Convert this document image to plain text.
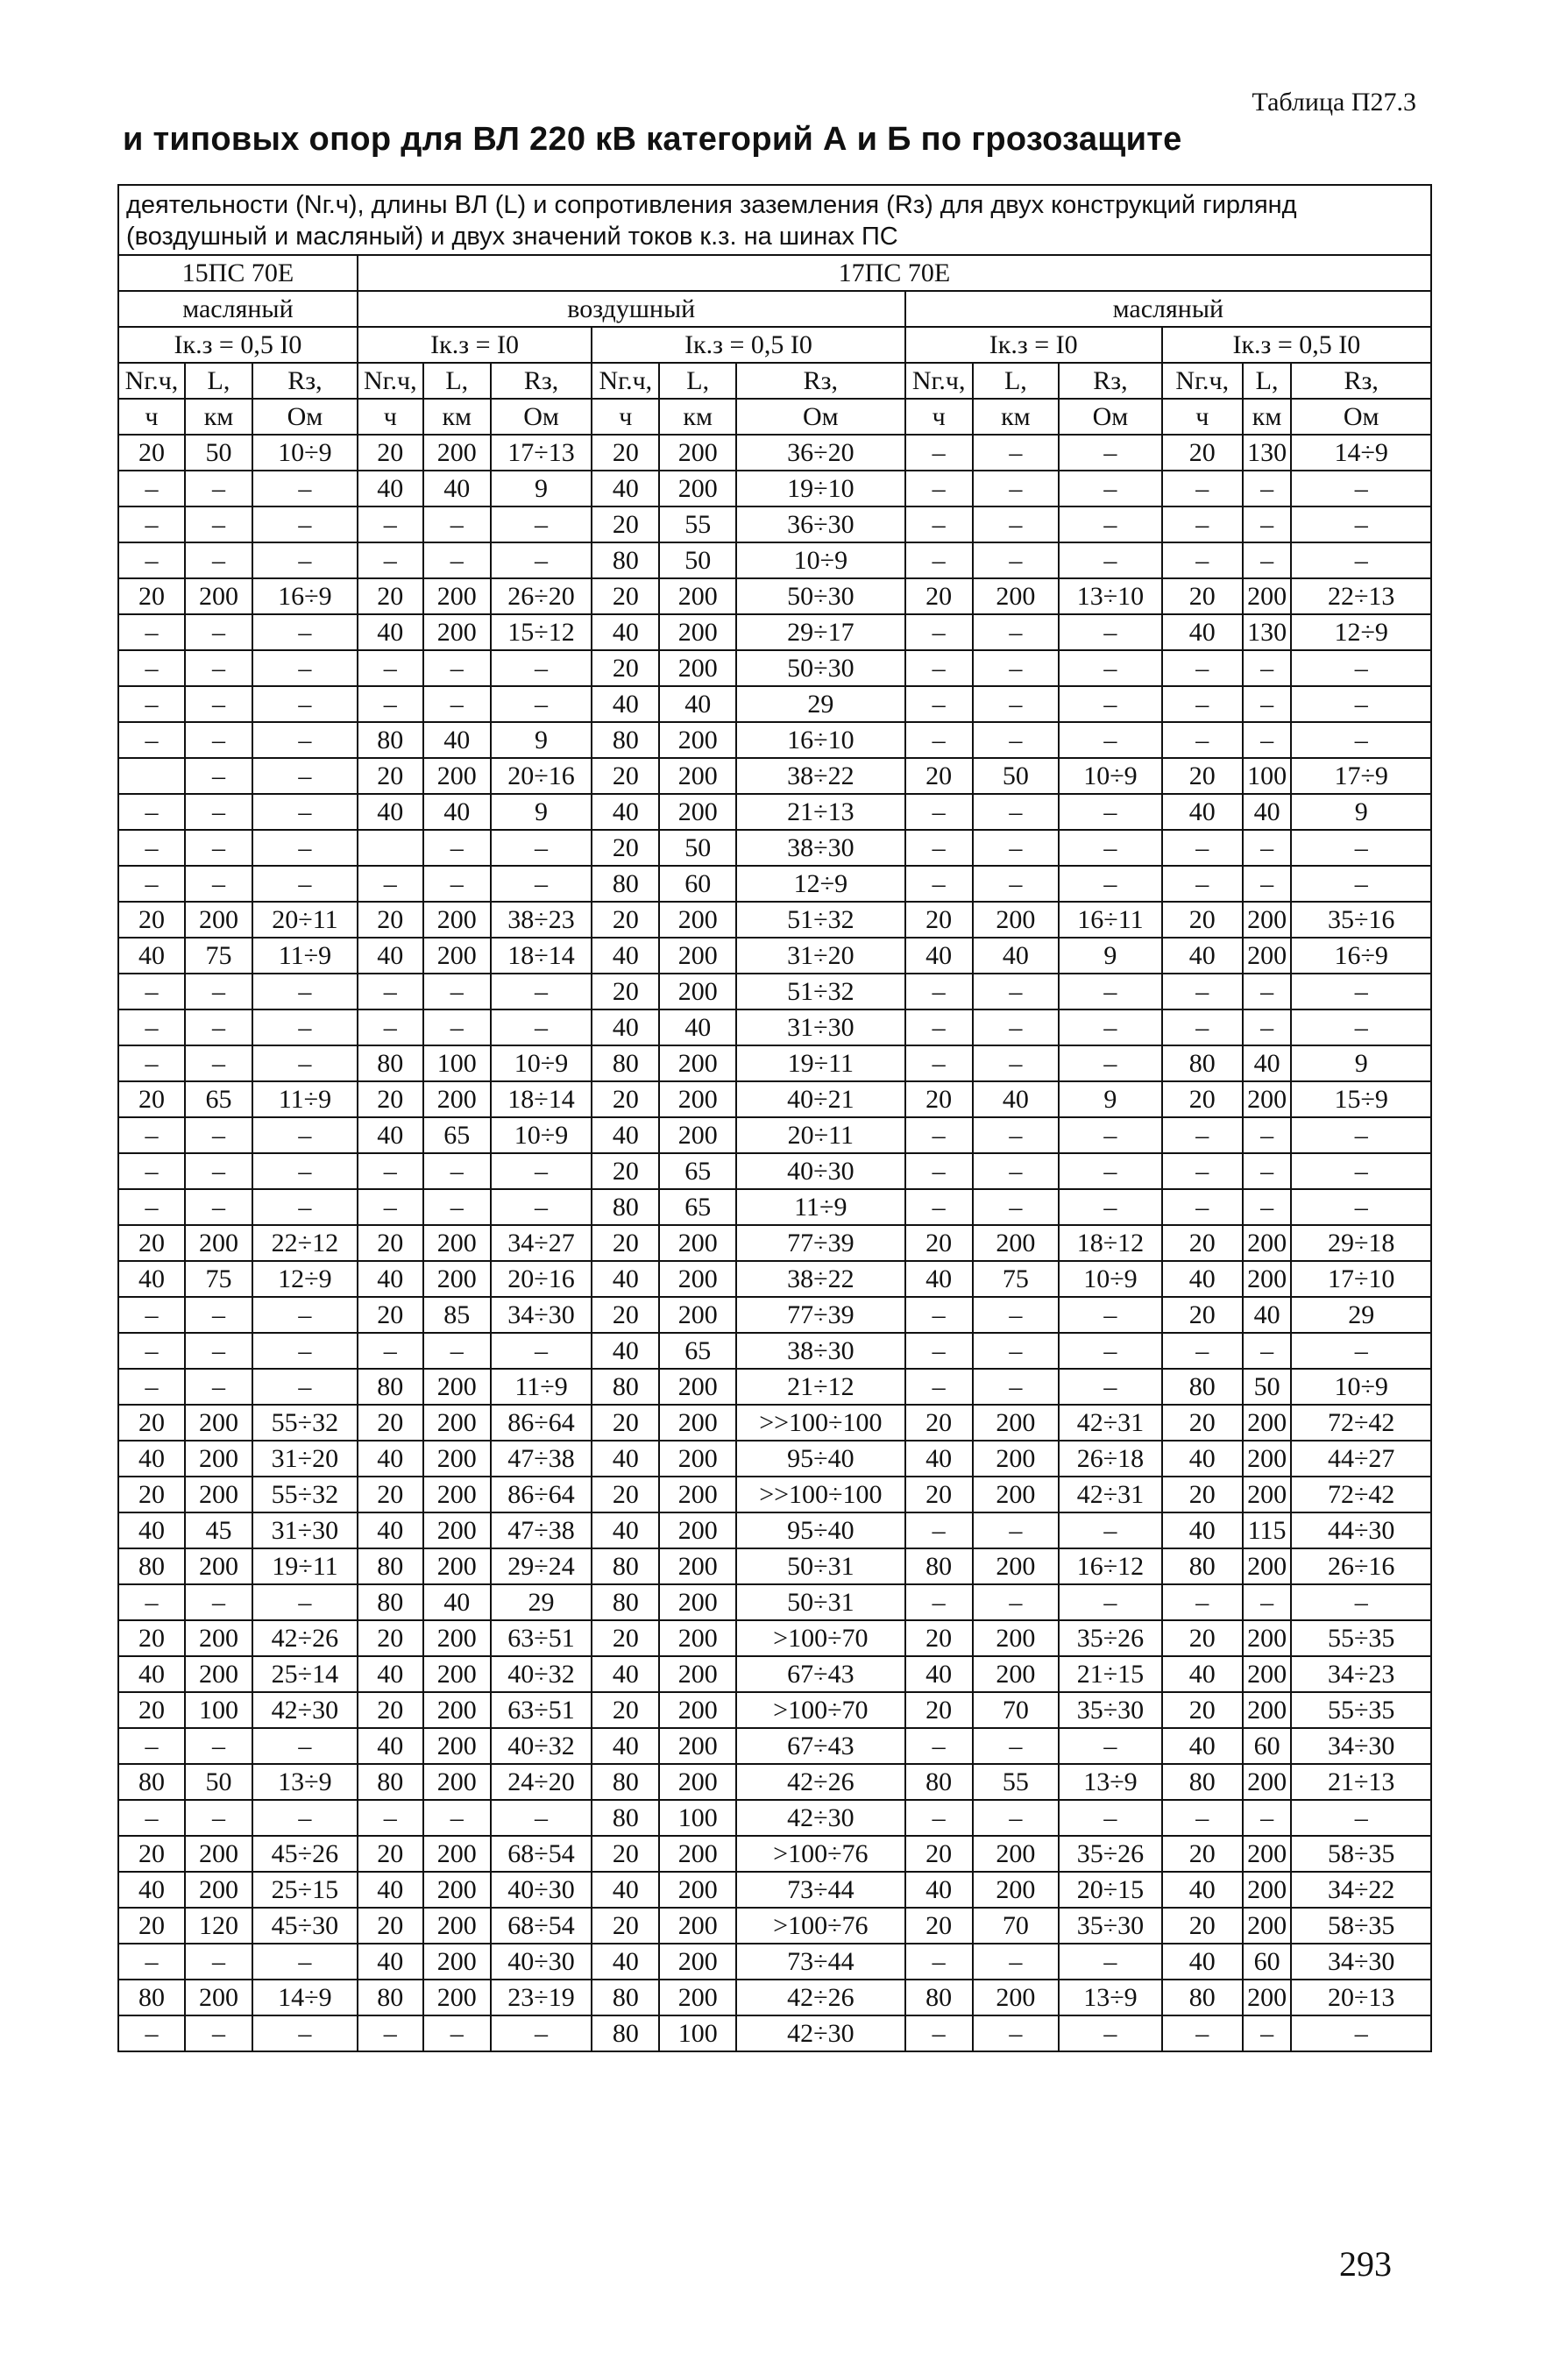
Таблица П27.3
и типовых опор для ВЛ 220 кВ категорий А и Б по грозозащите
деятельности (Nг.ч), длины ВЛ (L) и сопротивления заземления (Rз) для двух конструкций гирлянд
(воздушный и масляный) и двух значений токов к.з. на шинах ПС
15ПС 70Е			17ПС 70Е											
масляный			воздушный						масляный					
Iк.з = 0,5 I0			Iк.з = I0			Iк.з = 0,5 I0			Iк.з = I0			Iк.з = 0,5 I0		
Nг.ч,	L,	Rз,	Nг.ч,	L,	Rз,	Nг.ч,	L,	Rз,	Nг.ч,	L,	Rз,	Nг.ч,	L,	Rз,
ч	км	Ом	ч	км	Ом	ч	км	Ом	ч	км	Ом	ч	км	Ом
20	50	10÷9	20	200	17÷13	20	200	36÷20	–	–	–	20	130	14÷9
–	–	–	40	40	9	40	200	19÷10	–	–	–	–	–	–
–	–	–	–	–	–	20	55	36÷30	–	–	–	–	–	–
–	–	–	–	–	–	80	50	10÷9	–	–	–	–	–	–
20	200	16÷9	20	200	26÷20	20	200	50÷30	20	200	13÷10	20	200	22÷13
–	–	–	40	200	15÷12	40	200	29÷17	–	–	–	40	130	12÷9
–	–	–	–	–	–	20	200	50÷30	–	–	–	–	–	–
–	–	–	–	–	–	40	40	29	–	–	–	–	–	–
–	–	–	80	40	9	80	200	16÷10	–	–	–	–	–	–
	–	–	20	200	20÷16	20	200	38÷22	20	50	10÷9	20	100	17÷9
–	–	–	40	40	9	40	200	21÷13	–	–	–	40	40	9
–	–	–		–	–	20	50	38÷30	–	–	–	–	–	–
–	–	–	–	–	–	80	60	12÷9	–	–	–	–	–	–
20	200	20÷11	20	200	38÷23	20	200	51÷32	20	200	16÷11	20	200	35÷16
40	75	11÷9	40	200	18÷14	40	200	31÷20	40	40	9	40	200	16÷9
–	–	–	–	–	–	20	200	51÷32	–	–	–	–	–	–
–	–	–	–	–	–	40	40	31÷30	–	–	–	–	–	–
–	–	–	80	100	10÷9	80	200	19÷11	–	–	–	80	40	9
20	65	11÷9	20	200	18÷14	20	200	40÷21	20	40	9	20	200	15÷9
–	–	–	40	65	10÷9	40	200	20÷11	–	–	–	–	–	–
–	–	–	–	–	–	20	65	40÷30	–	–	–	–	–	–
–	–	–	–	–	–	80	65	11÷9	–	–	–	–	–	–
20	200	22÷12	20	200	34÷27	20	200	77÷39	20	200	18÷12	20	200	29÷18
40	75	12÷9	40	200	20÷16	40	200	38÷22	40	75	10÷9	40	200	17÷10
–	–	–	20	85	34÷30	20	200	77÷39	–	–	–	20	40	29
–	–	–	–	–	–	40	65	38÷30	–	–	–	–	–	–
–	–	–	80	200	11÷9	80	200	21÷12	–	–	–	80	50	10÷9
20	200	55÷32	20	200	86÷64	20	200	>>100÷100	20	200	42÷31	20	200	72÷42
40	200	31÷20	40	200	47÷38	40	200	95÷40	40	200	26÷18	40	200	44÷27
20	200	55÷32	20	200	86÷64	20	200	>>100÷100	20	200	42÷31	20	200	72÷42
40	45	31÷30	40	200	47÷38	40	200	95÷40	–	–	–	40	115	44÷30
80	200	19÷11	80	200	29÷24	80	200	50÷31	80	200	16÷12	80	200	26÷16
–	–	–	80	40	29	80	200	50÷31	–	–	–	–	–	–
20	200	42÷26	20	200	63÷51	20	200	>100÷70	20	200	35÷26	20	200	55÷35
40	200	25÷14	40	200	40÷32	40	200	67÷43	40	200	21÷15	40	200	34÷23
20	100	42÷30	20	200	63÷51	20	200	>100÷70	20	70	35÷30	20	200	55÷35
–	–	–	40	200	40÷32	40	200	67÷43	–	–	–	40	60	34÷30
80	50	13÷9	80	200	24÷20	80	200	42÷26	80	55	13÷9	80	200	21÷13
–	–	–	–	–	–	80	100	42÷30	–	–	–	–	–	–
20	200	45÷26	20	200	68÷54	20	200	>100÷76	20	200	35÷26	20	200	58÷35
40	200	25÷15	40	200	40÷30	40	200	73÷44	40	200	20÷15	40	200	34÷22
20	120	45÷30	20	200	68÷54	20	200	>100÷76	20	70	35÷30	20	200	58÷35
–	–	–	40	200	40÷30	40	200	73÷44	–	–	–	40	60	34÷30
80	200	14÷9	80	200	23÷19	80	200	42÷26	80	200	13÷9	80	200	20÷13
–	–	–	–	–	–	80	100	42÷30	–	–	–	–	–	–
293
